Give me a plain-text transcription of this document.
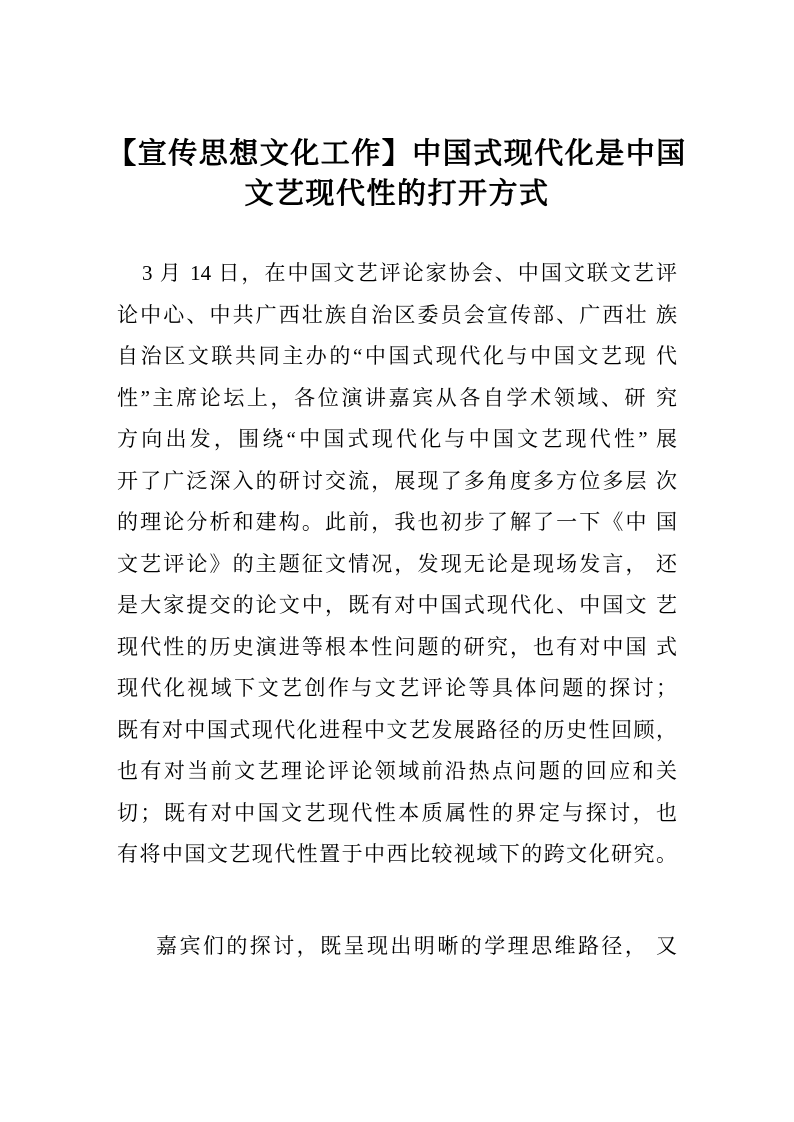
【宣传思想文化工作】中国式现代化是中国
文艺现代性的打开方式
3 月 14 日，在中国文艺评论家协会、中国文联文艺评
论中心、中共广西壮族自治区委员会宣传部、广西壮 族
自治区文联共同主办的“中国式现代化与中国文艺现 代
性”主席论坛上，各位演讲嘉宾从各自学术领域、研 究
方向出发，围绕“中国式现代化与中国文艺现代性” 展
开了广泛深入的研讨交流，展现了多角度多方位多层 次
的理论分析和建构。此前，我也初步了解了一下《中 国
文艺评论》的主题征文情况，发现无论是现场发言， 还
是大家提交的论文中，既有对中国式现代化、中国文 艺
现代性的历史演进等根本性问题的研究，也有对中国 式
现代化视域下文艺创作与文艺评论等具体问题的探讨；
既有对中国式现代化进程中文艺发展路径的历史性回顾，
也有对当前文艺理论评论领域前沿热点问题的回应和关
切；既有对中国文艺现代性本质属性的界定与探讨，也
有将中国文艺现代性置于中西比较视域下的跨文化研究。
嘉宾们的探讨，既呈现出明晰的学理思维路径， 又
